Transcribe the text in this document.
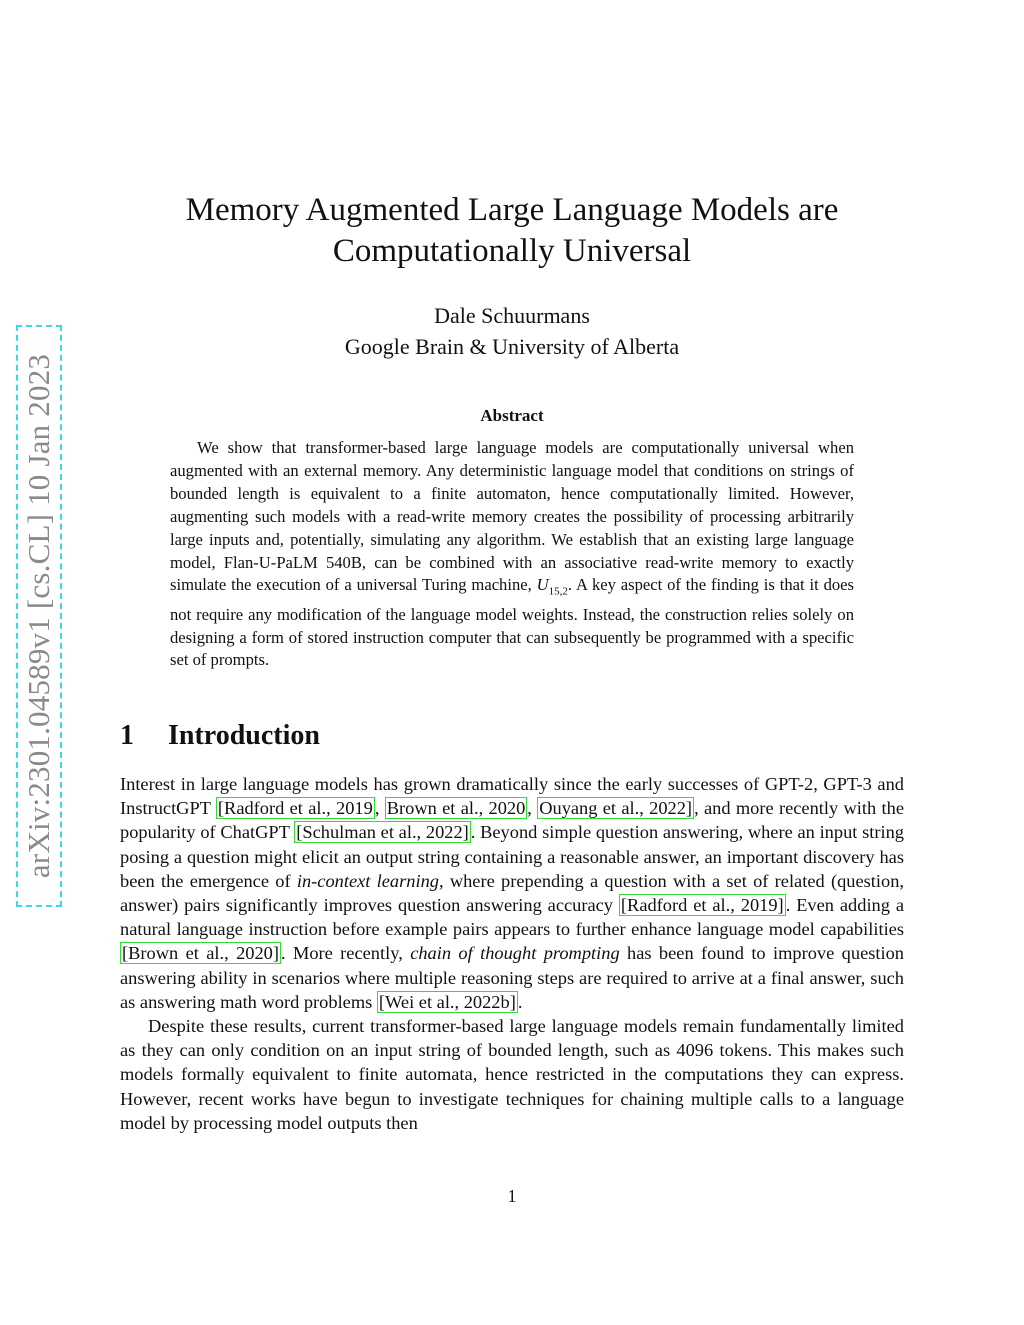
arXiv:2301.04589v1 [cs.CL] 10 Jan 2023
Memory Augmented Large Language Models are
Computationally Universal
Dale Schuurmans
Google Brain & University of Alberta
Abstract

We show that transformer-based large language models are computationally universal when augmented with an external memory. Any deterministic language model that conditions on strings of bounded length is equivalent to a finite automaton, hence computationally limited. However, augmenting such models with a read-write memory creates the possibility of processing arbitrarily large inputs and, potentially, simulating any algorithm. We establish that an existing large language model, Flan-U-PaLM 540B, can be combined with an associative read-write memory to exactly simulate the execution of a universal Turing machine, $U_{15,2}$. A key aspect of the finding is that it does not require any modification of the language model weights. Instead, the construction relies solely on designing a form of stored instruction computer that can subsequently be programmed with a specific set of prompts.

1 Introduction

Interest in large language models has grown dramatically since the early successes of GPT-2, GPT-3 and InstructGPT [Radford et al., 2019 , Brown et al., 2020 , Ouyang et al., 2022] , and more recently with the popularity of ChatGPT [Schulman et al., 2022] . Beyond simple question answering, where an input string posing a question might elicit an output string containing a reasonable answer, an important discovery has been the emergence of in-context learning, where prepending a question with a set of related (question, answer) pairs significantly improves question answering accuracy [Radford et al., 2019] . Even adding a natural language instruction before example pairs appears to further enhance language model capabilities [Brown et al., 2020] . More recently, chain of thought prompting has been found to improve question answering ability in scenarios where multiple reasoning steps are required to arrive at a final answer, such as answering math word problems [Wei et al., 2022b] .

Despite these results, current transformer-based large language models remain fundamentally limited as they can only condition on an input string of bounded length, such as 4096 tokens. This makes such models formally equivalent to finite automata, hence restricted in the computations they can express. However, recent works have begun to investigate techniques for chaining multiple calls to a language model by processing model outputs then

1
